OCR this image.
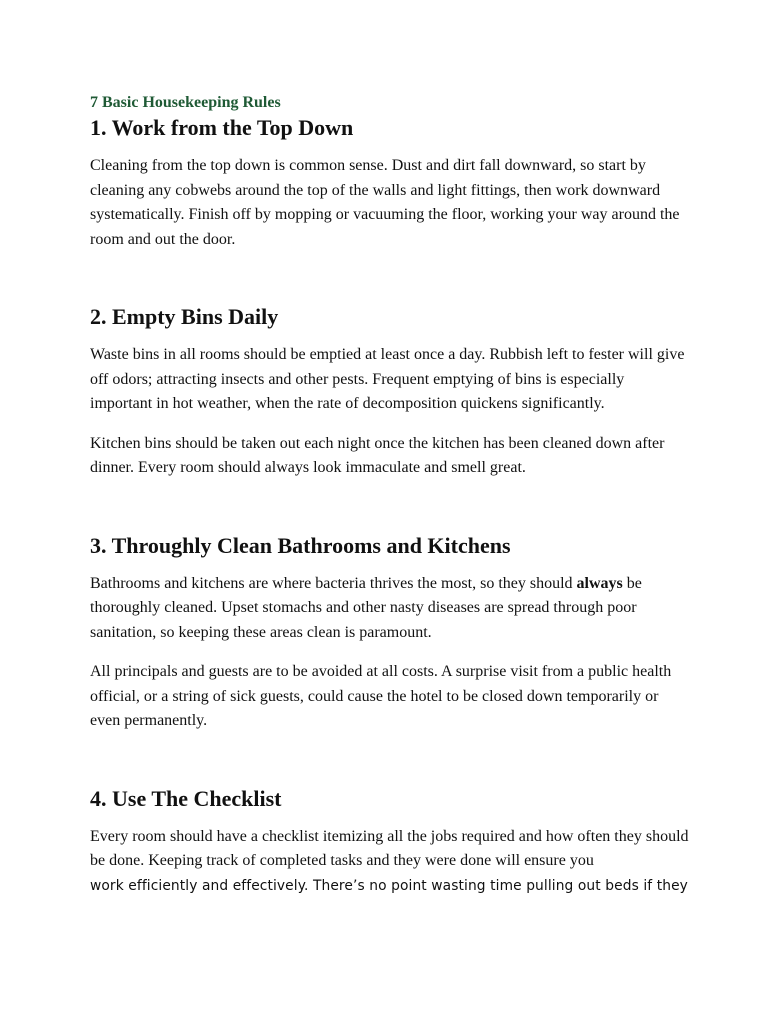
7 Basic Housekeeping Rules
1. Work from the Top Down

Cleaning from the top down is common sense. Dust and dirt fall downward, so start by cleaning any cobwebs around the top of the walls and light fittings, then work downward systematically. Finish off by mopping or vacuuming the floor, working your way around the room and out the door.

2. Empty Bins Daily

Waste bins in all rooms should be emptied at least once a day. Rubbish left to fester will give off odors; attracting insects and other pests. Frequent emptying of bins is especially important in hot weather, when the rate of decomposition quickens significantly.

Kitchen bins should be taken out each night once the kitchen has been cleaned down after dinner. Every room should always look immaculate and smell great.

3. Throughly Clean Bathrooms and Kitchens

Bathrooms and kitchens are where bacteria thrives the most, so they should always be thoroughly cleaned. Upset stomachs and other nasty diseases are spread through poor sanitation, so keeping these areas clean is paramount.

All principals and guests are to be avoided at all costs. A surprise visit from a public health official, or a string of sick guests, could cause the hotel to be closed down temporarily or even permanently.

4. Use The Checklist

Every room should have a checklist itemizing all the jobs required and how often they should be done. Keeping track of completed tasks and they were done will ensure you
work efficiently and effectively. There’s no point wasting time pulling out beds if they
